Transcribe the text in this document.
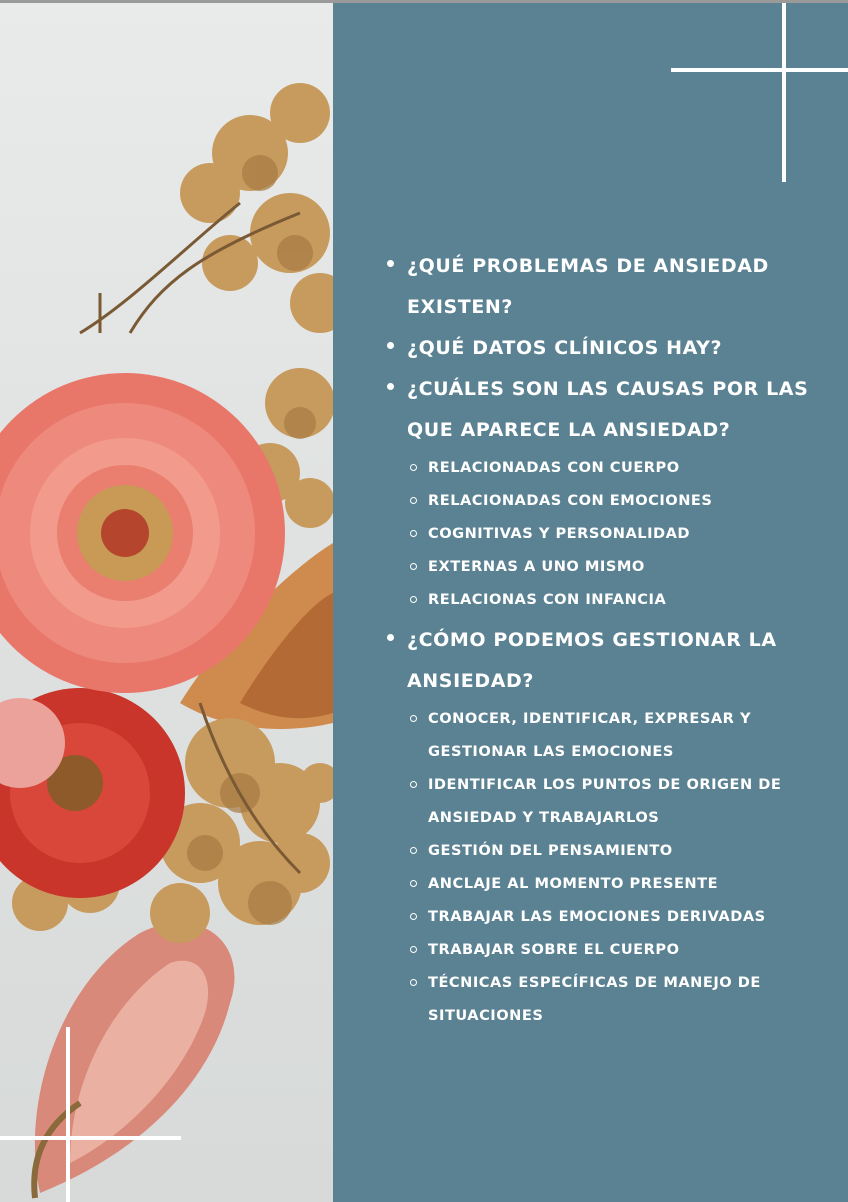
¿QUÉ PROBLEMAS DE ANSIEDAD EXISTEN?
¿QUÉ DATOS CLÍNICOS HAY?
¿CUÁLES SON LAS CAUSAS POR LAS QUE APARECE LA ANSIEDAD?
RELACIONADAS CON CUERPO
RELACIONADAS CON EMOCIONES
COGNITIVAS Y PERSONALIDAD
EXTERNAS A UNO MISMO
RELACIONAS CON INFANCIA
¿CÓMO PODEMOS GESTIONAR LA ANSIEDAD?
CONOCER, IDENTIFICAR, EXPRESAR Y GESTIONAR LAS EMOCIONES
IDENTIFICAR LOS PUNTOS DE ORIGEN DE ANSIEDAD Y TRABAJARLOS
GESTIÓN DEL PENSAMIENTO
ANCLAJE AL MOMENTO PRESENTE
TRABAJAR LAS EMOCIONES DERIVADAS
TRABAJAR SOBRE EL CUERPO
TÉCNICAS ESPECÍFICAS DE MANEJO DE SITUACIONES
